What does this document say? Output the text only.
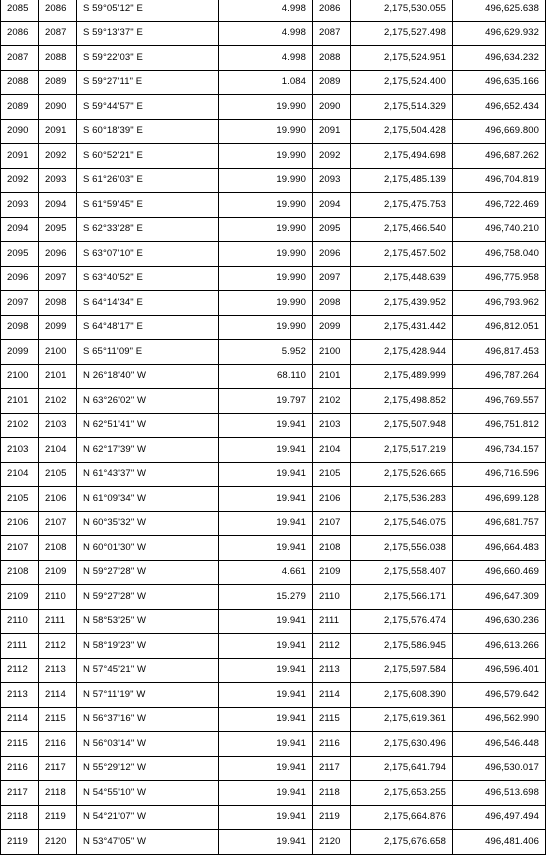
2085	2086	S 59°05'12" E	4.998	2086	2,175,530.055	496,625.638
2086	2087	S 59°13'37" E	4.998	2087	2,175,527.498	496,629.932
2087	2088	S 59°22'03" E	4.998	2088	2,175,524.951	496,634.232
2088	2089	S 59°27'11" E	1.084	2089	2,175,524.400	496,635.166
2089	2090	S 59°44'57" E	19.990	2090	2,175,514.329	496,652.434
2090	2091	S 60°18'39" E	19.990	2091	2,175,504.428	496,669.800
2091	2092	S 60°52'21" E	19.990	2092	2,175,494.698	496,687.262
2092	2093	S 61°26'03" E	19.990	2093	2,175,485.139	496,704.819
2093	2094	S 61°59'45" E	19.990	2094	2,175,475.753	496,722.469
2094	2095	S 62°33'28" E	19.990	2095	2,175,466.540	496,740.210
2095	2096	S 63°07'10" E	19.990	2096	2,175,457.502	496,758.040
2096	2097	S 63°40'52" E	19.990	2097	2,175,448.639	496,775.958
2097	2098	S 64°14'34" E	19.990	2098	2,175,439.952	496,793.962
2098	2099	S 64°48'17" E	19.990	2099	2,175,431.442	496,812.051
2099	2100	S 65°11'09" E	5.952	2100	2,175,428.944	496,817.453
2100	2101	N 26°18'40" W	68.110	2101	2,175,489.999	496,787.264
2101	2102	N 63°26'02" W	19.797	2102	2,175,498.852	496,769.557
2102	2103	N 62°51'41" W	19.941	2103	2,175,507.948	496,751.812
2103	2104	N 62°17'39" W	19.941	2104	2,175,517.219	496,734.157
2104	2105	N 61°43'37" W	19.941	2105	2,175,526.665	496,716.596
2105	2106	N 61°09'34" W	19.941	2106	2,175,536.283	496,699.128
2106	2107	N 60°35'32" W	19.941	2107	2,175,546.075	496,681.757
2107	2108	N 60°01'30" W	19.941	2108	2,175,556.038	496,664.483
2108	2109	N 59°27'28" W	4.661	2109	2,175,558.407	496,660.469
2109	2110	N 59°27'28" W	15.279	2110	2,175,566.171	496,647.309
2110	2111	N 58°53'25" W	19.941	2111	2,175,576.474	496,630.236
2111	2112	N 58°19'23" W	19.941	2112	2,175,586.945	496,613.266
2112	2113	N 57°45'21" W	19.941	2113	2,175,597.584	496,596.401
2113	2114	N 57°11'19" W	19.941	2114	2,175,608.390	496,579.642
2114	2115	N 56°37'16" W	19.941	2115	2,175,619.361	496,562.990
2115	2116	N 56°03'14" W	19.941	2116	2,175,630.496	496,546.448
2116	2117	N 55°29'12" W	19.941	2117	2,175,641.794	496,530.017
2117	2118	N 54°55'10" W	19.941	2118	2,175,653.255	496,513.698
2118	2119	N 54°21'07" W	19.941	2119	2,175,664.876	496,497.494
2119	2120	N 53°47'05" W	19.941	2120	2,175,676.658	496,481.406
